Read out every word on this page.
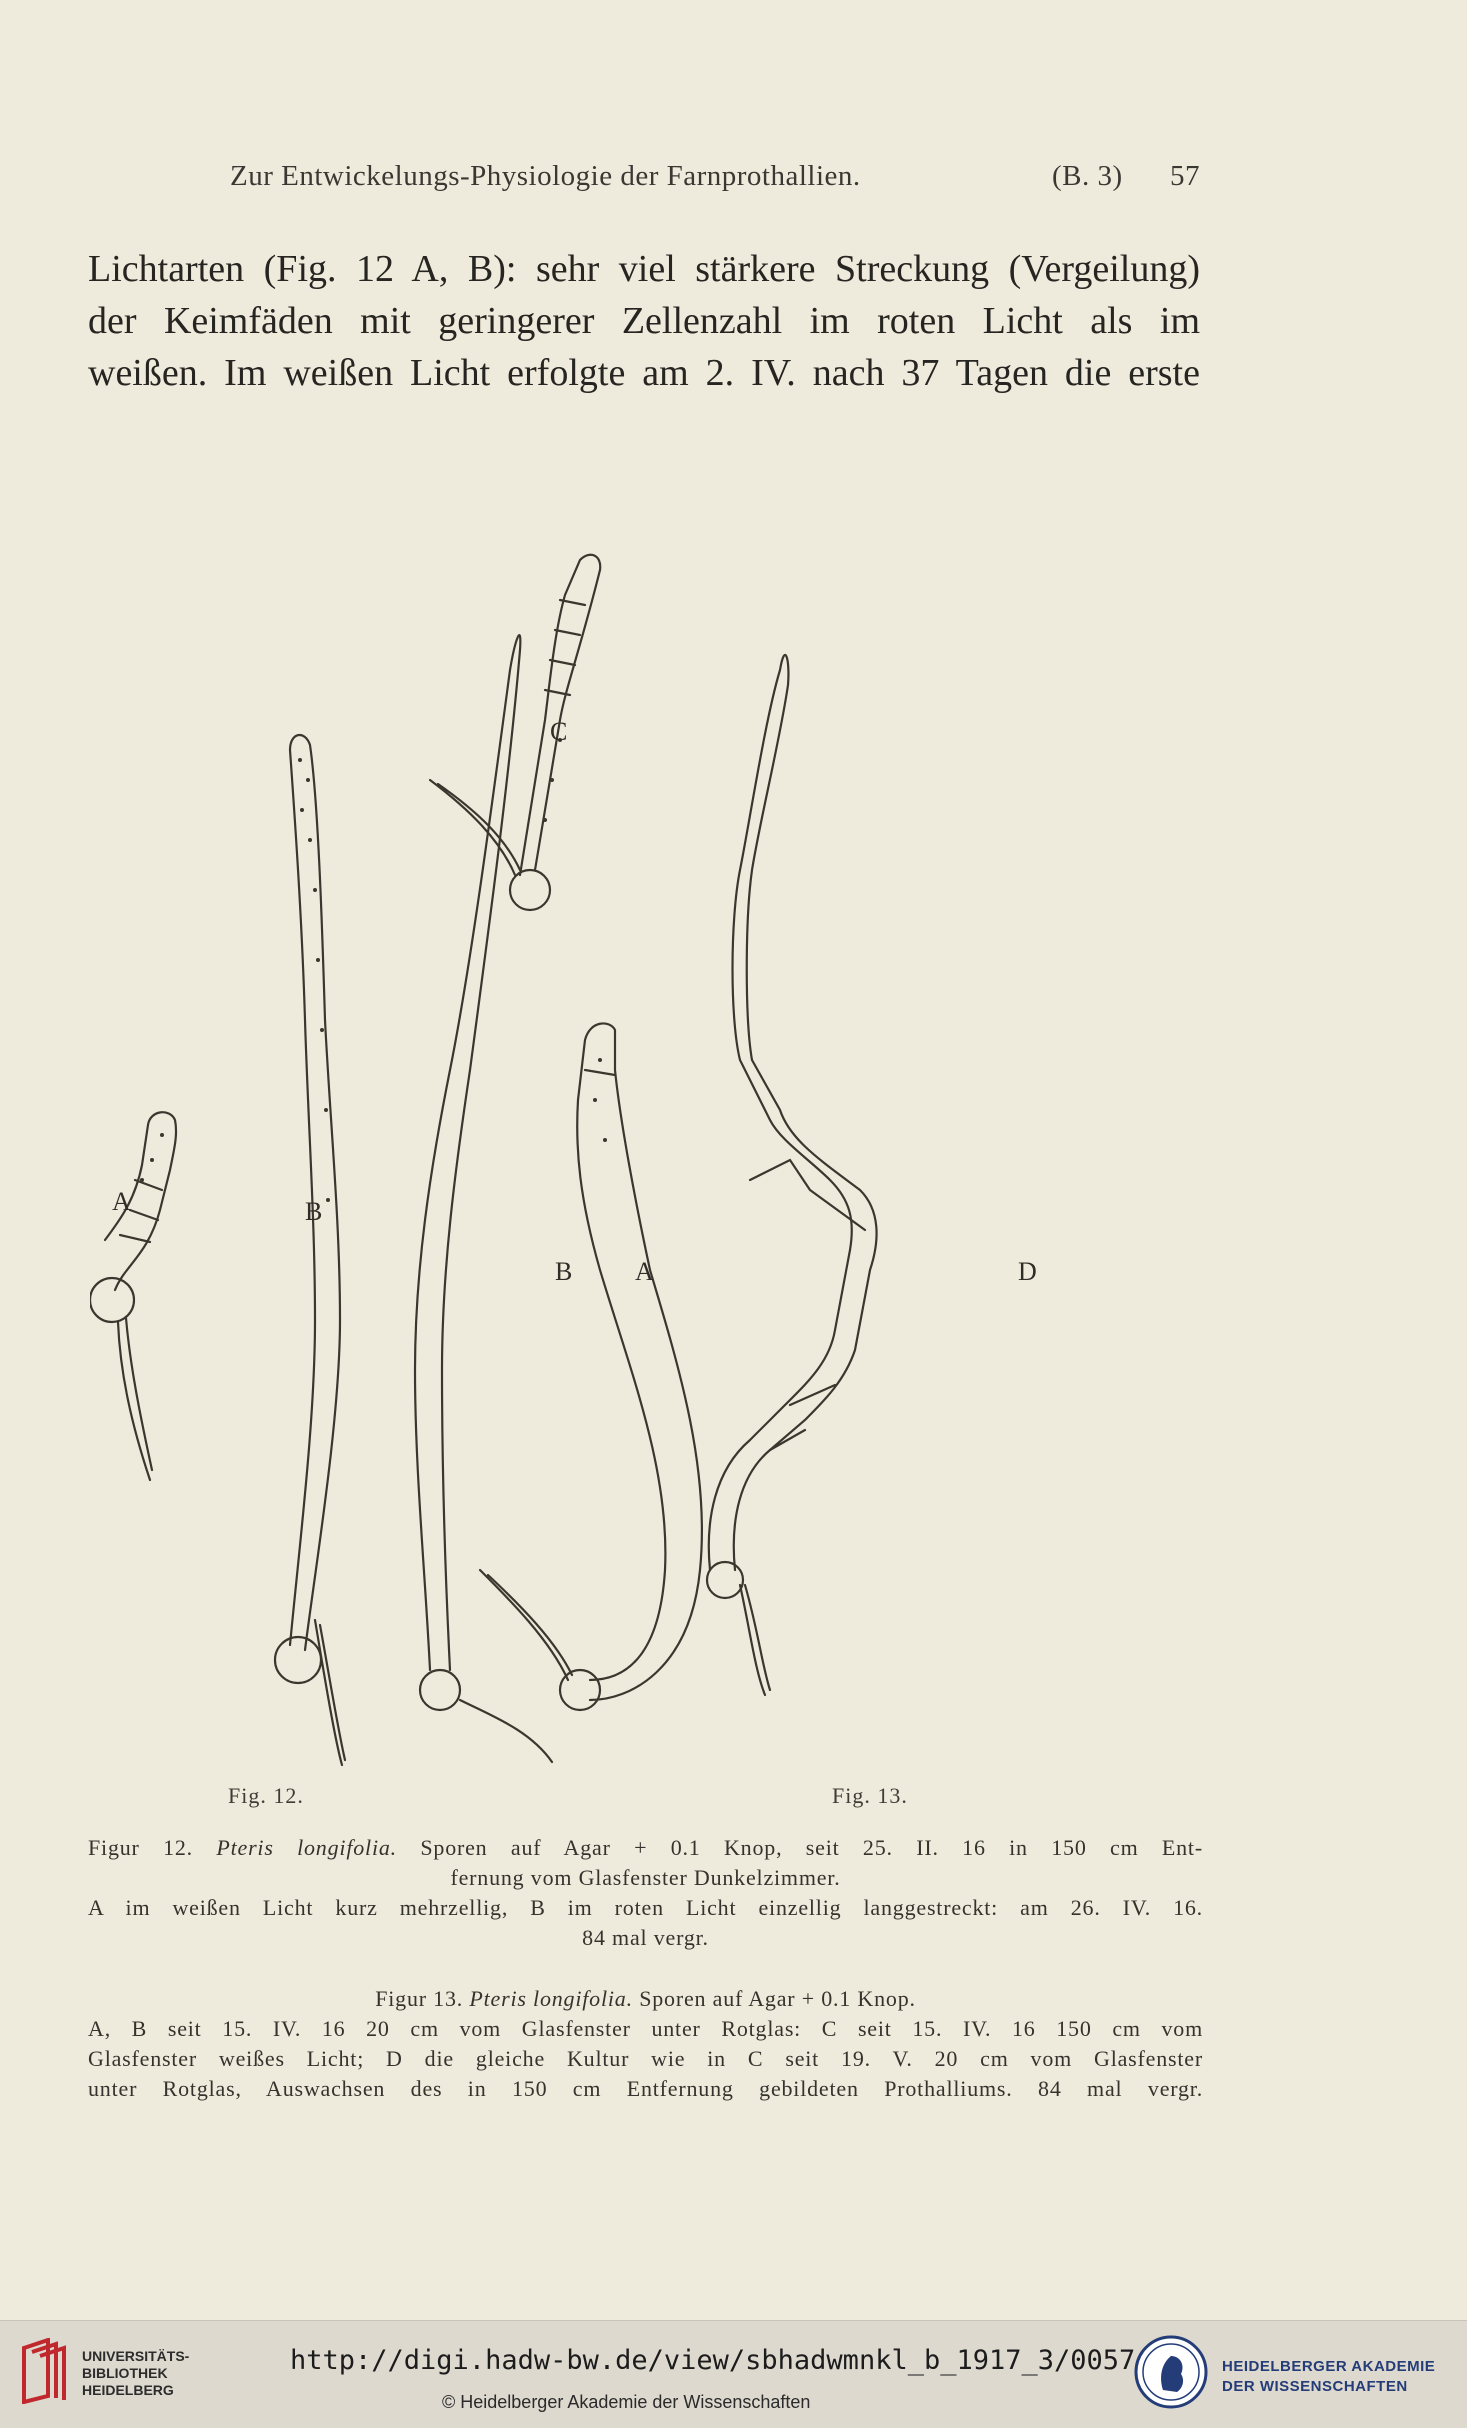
Zur Entwickelungs-Physiologie der Farnprothallien.	(B. 3) 57

Lichtarten (Fig. 12 A, B): sehr viel stärkere Streckung (Vergeilung)

der Keimfäden mit geringerer Zellenzahl im roten Licht als im

weißen. Im weißen Licht erfolgte am 2. IV. nach 37 Tagen die erste

A	B
C
B A	D
Fig. 12.	Fig. 13.

Figur 12. Pteris longifolia. Sporen auf Agar + 0.1 Knop, seit 25. II. 16 in 150 cm Ent-

fernung vom Glasfenster Dunkelzimmer.

A im weißen Licht kurz mehrzellig, B im roten Licht einzellig langgestreckt: am 26. IV. 16.

84 mal vergr.

Figur 13. Pteris longifolia. Sporen auf Agar + 0.1 Knop.

A, B seit 15. IV. 16 20 cm vom Glasfenster unter Rotglas: C seit 15. IV. 16 150 cm vom

Glasfenster weißes Licht; D die gleiche Kultur wie in C seit 19. V. 20 cm vom Glasfenster

unter Rotglas, Auswachsen des in 150 cm Entfernung gebildeten Prothalliums. 84 mal vergr.

UNIVERSITÄTS-
BIBLIOTHEK
HEIDELBERG
http://digi.hadw-bw.de/view/sbhadwmnkl_b_1917_3/0057
© Heidelberger Akademie der Wissenschaften
HEIDELBERGER AKADEMIE
DER WISSENSCHAFTEN
